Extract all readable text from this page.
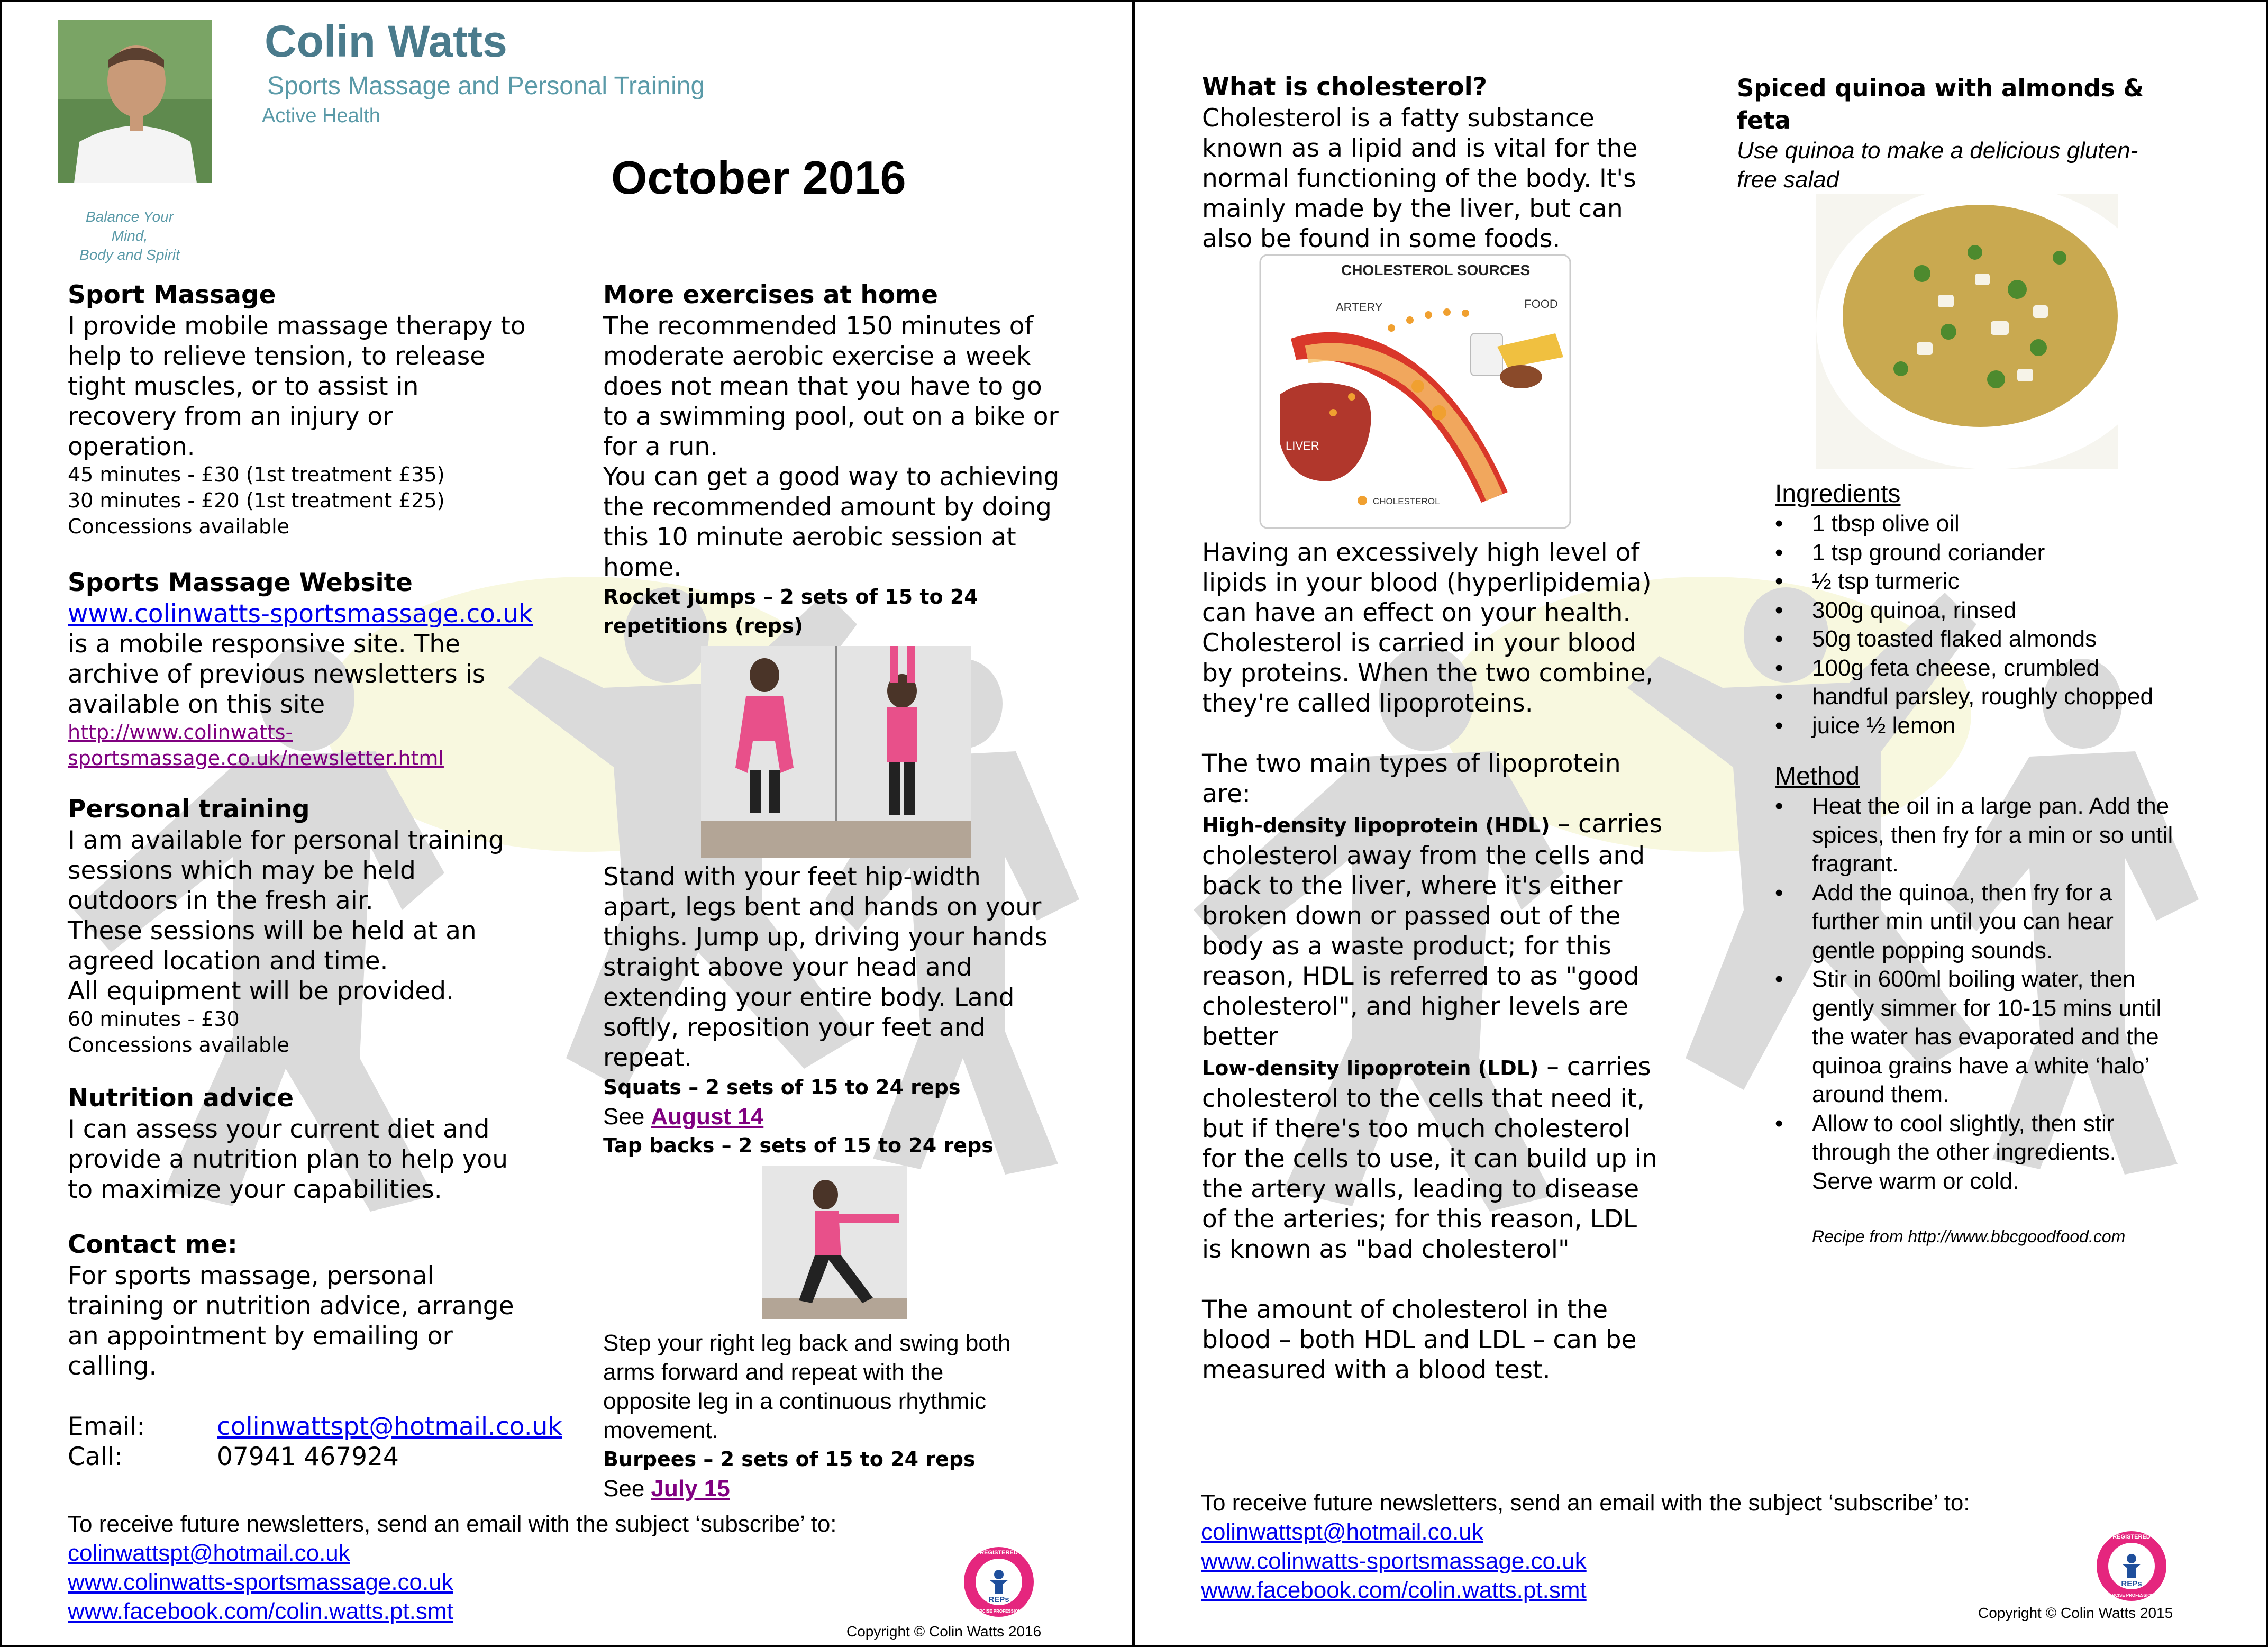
Colin Watts
Sports Massage and Personal Training
Active Health
Balance Your Mind,
Body and Spirit
October 2016
Sport Massage
I provide mobile massage therapy to
help to relieve tension, to release
tight muscles, or to assist in
recovery from an injury or
operation.
45 minutes - £30 (1st treatment £35)
30 minutes - £20 (1st treatment £25)
Concessions available
Sports Massage Website
www.colinwatts-sportsmassage.co.uk
is a mobile responsive site. The
archive of previous newsletters is
available on this site
http://www.colinwatts-
sportsmassage.co.uk/newsletter.html
Personal training
I am available for personal training
sessions which may be held
outdoors in the fresh air.
These sessions will be held at an
agreed location and time.
All equipment will be provided.
60 minutes - £30
Concessions available
Nutrition advice
I can assess your current diet and
provide a nutrition plan to help you
to maximize your capabilities.
Contact me:
For sports massage, personal
training or nutrition advice, arrange
an appointment by emailing or
calling.
Email:	colinwattspt@hotmail.co.uk
Call:	07941 467924
More exercises at home
The recommended 150 minutes of
moderate aerobic exercise a week
does not mean that you have to go
to a swimming pool, out on a bike or
for a run.
You can get a good way to achieving
the recommended amount by doing
this 10 minute aerobic session at
home.
Rocket jumps – 2 sets of 15 to 24
repetitions (reps)
Stand with your feet hip-width
apart, legs bent and hands on your
thighs. Jump up, driving your hands
straight above your head and
extending your entire body. Land
softly, reposition your feet and
repeat.
Squats – 2 sets of 15 to 24 reps
See August 14
Tap backs – 2 sets of 15 to 24 reps
Step your right leg back and swing both
arms forward and repeat with the
opposite leg in a continuous rhythmic
movement.
Burpees – 2 sets of 15 to 24 reps
See July 15
To receive future newsletters, send an email with the subject ‘subscribe’ to:
colinwattspt@hotmail.co.uk
www.colinwatts-sportsmassage.co.uk
www.facebook.com/colin.watts.pt.smt
REGISTERED
REPs
EXERCISE PROFESSIONAL
Copyright © Colin Watts 2016
What is cholesterol?
Cholesterol is a fatty substance
known as a lipid and is vital for the
normal functioning of the body. It's
mainly made by the liver, but can
also be found in some foods.
CHOLESTEROL SOURCES
ARTERY	FOOD
LIVER
CHOLESTEROL
Having an excessively high level of
lipids in your blood (hyperlipidemia)
can have an effect on your health.
Cholesterol is carried in your blood
by proteins. When the two combine,
they're called lipoproteins.
The two main types of lipoprotein
are:
High-density lipoprotein (HDL) – carries
cholesterol away from the cells and
back to the liver, where it's either
broken down or passed out of the
body as a waste product; for this
reason, HDL is referred to as "good
cholesterol", and higher levels are
better
Low-density lipoprotein (LDL) – carries
cholesterol to the cells that need it,
but if there's too much cholesterol
for the cells to use, it can build up in
the artery walls, leading to disease
of the arteries; for this reason, LDL
is known as "bad cholesterol"
The amount of cholesterol in the
blood – both HDL and LDL – can be
measured with a blood test.
Spiced quinoa with almonds &
feta
Use quinoa to make a delicious gluten-
free salad
Ingredients
• 1 tbsp olive oil
• 1 tsp ground coriander
• ½ tsp turmeric
• 300g quinoa, rinsed
• 50g toasted flaked almonds
• 100g feta cheese, crumbled
• handful parsley, roughly chopped
• juice ½ lemon
Method
• Heat the oil in a large pan. Add the
spices, then fry for a min or so until
fragrant.
• Add the quinoa, then fry for a
further min until you can hear
gentle popping sounds.
• Stir in 600ml boiling water, then
gently simmer for 10-15 mins until
the water has evaporated and the
quinoa grains have a white ‘halo’
around them.
• Allow to cool slightly, then stir
through the other ingredients.
Serve warm or cold.
Recipe from http://www.bbcgoodfood.com
To receive future newsletters, send an email with the subject ‘subscribe’ to:
colinwattspt@hotmail.co.uk
www.colinwatts-sportsmassage.co.uk
www.facebook.com/colin.watts.pt.smt
REGISTERED
REPs
EXERCISE PROFESSIONAL
Copyright © Colin Watts 2015
